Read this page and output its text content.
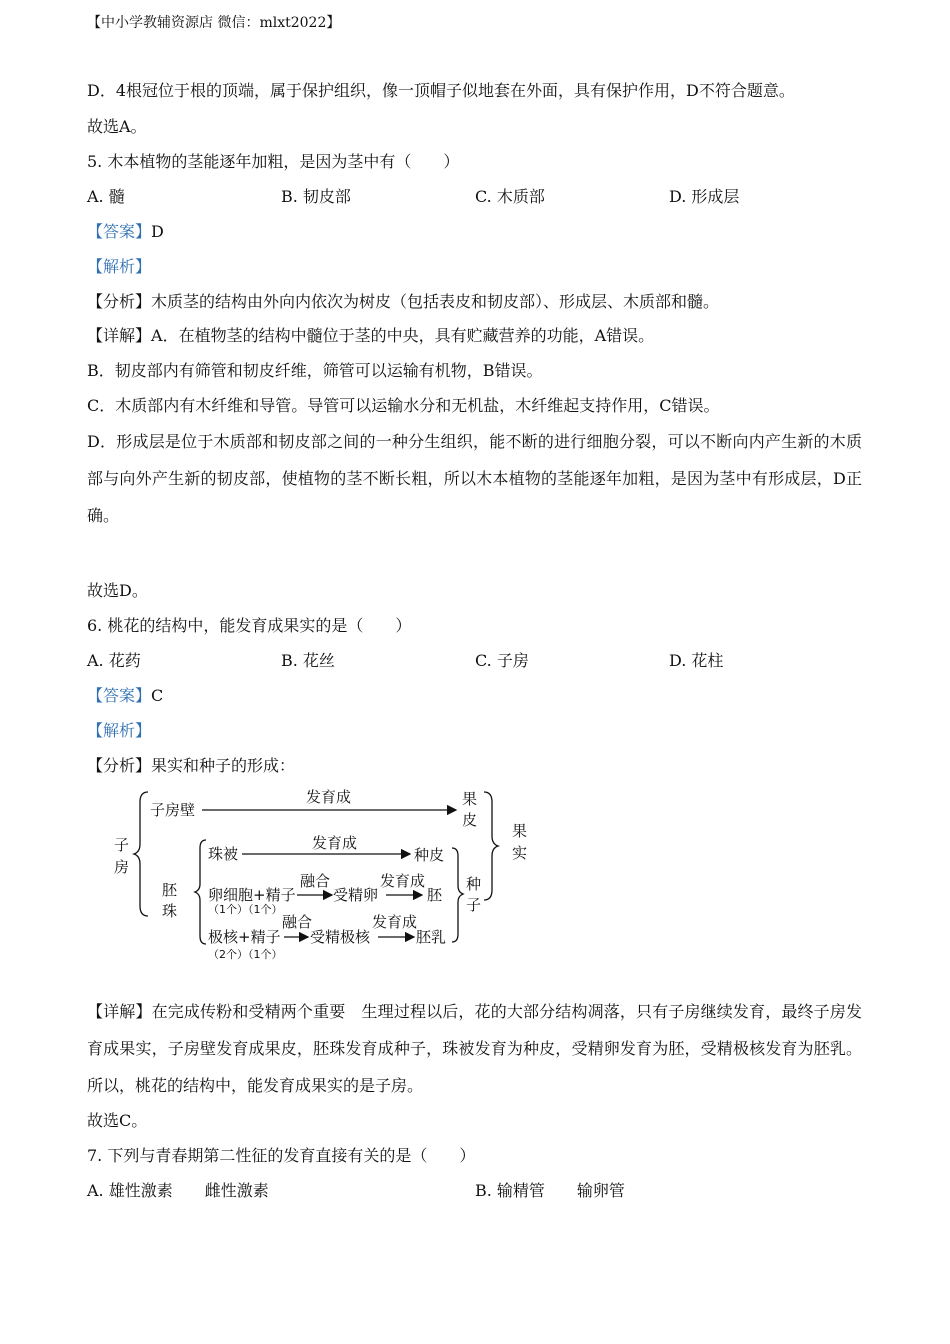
【中小学教辅资源店 微信：mlxt2022】
D．4根冠位于根的顶端，属于保护组织，像一顶帽子似地套在外面，具有保护作用，D不符合题意。
故选A。
5. 木本植物的茎能逐年加粗，是因为茎中有（　　）
A. 髓	B. 韧皮部	C. 木质部	D. 形成层
【答案】D
【解析】
【分析】木质茎的结构由外向内依次为树皮（包括表皮和韧皮部）、形成层、木质部和髓。
【详解】A．在植物茎的结构中髓位于茎的中央，具有贮藏营养的功能，A错误。
B．韧皮部内有筛管和韧皮纤维，筛管可以运输有机物，B错误。
C．木质部内有木纤维和导管。导管可以运输水分和无机盐，木纤维起支持作用，C错误。
D．形成层是位于木质部和韧皮部之间的一种分生组织，能不断的进行细胞分裂，可以不断向内产生新的木质部与向外产生新的韧皮部，使植物的茎不断长粗，所以木本植物的茎能逐年加粗，是因为茎中有形成层，D正确。
故选D。
6. 桃花的结构中，能发育成果实的是（　　）
A. 花药	B. 花丝	C. 子房	D. 花柱
【答案】C
【解析】
【分析】果实和种子的形成：
子
房
子房壁
发育成	果
皮
胚
珠
珠被
发育成
种皮
卵细胞+精子
（1个）（1个）
融合
受精卵
发育成
胚
极核+精子
（2个）（1个）
融合
受精极核
发育成
胚乳
种
子
果
实
【详解】在完成传粉和受精两个重要　生理过程以后，花的大部分结构凋落，只有子房继续发育，最终子房发育成果实，子房壁发育成果皮，胚珠发育成种子，珠被发育为种皮，受精卵发育为胚，受精极核发育为胚乳。所以，桃花的结构中，能发育成果实的是子房。
故选C。
7. 下列与青春期第二性征的发育直接有关的是（　　）
A. 雄性激素　　雌性激素	B. 输精管　　输卵管
